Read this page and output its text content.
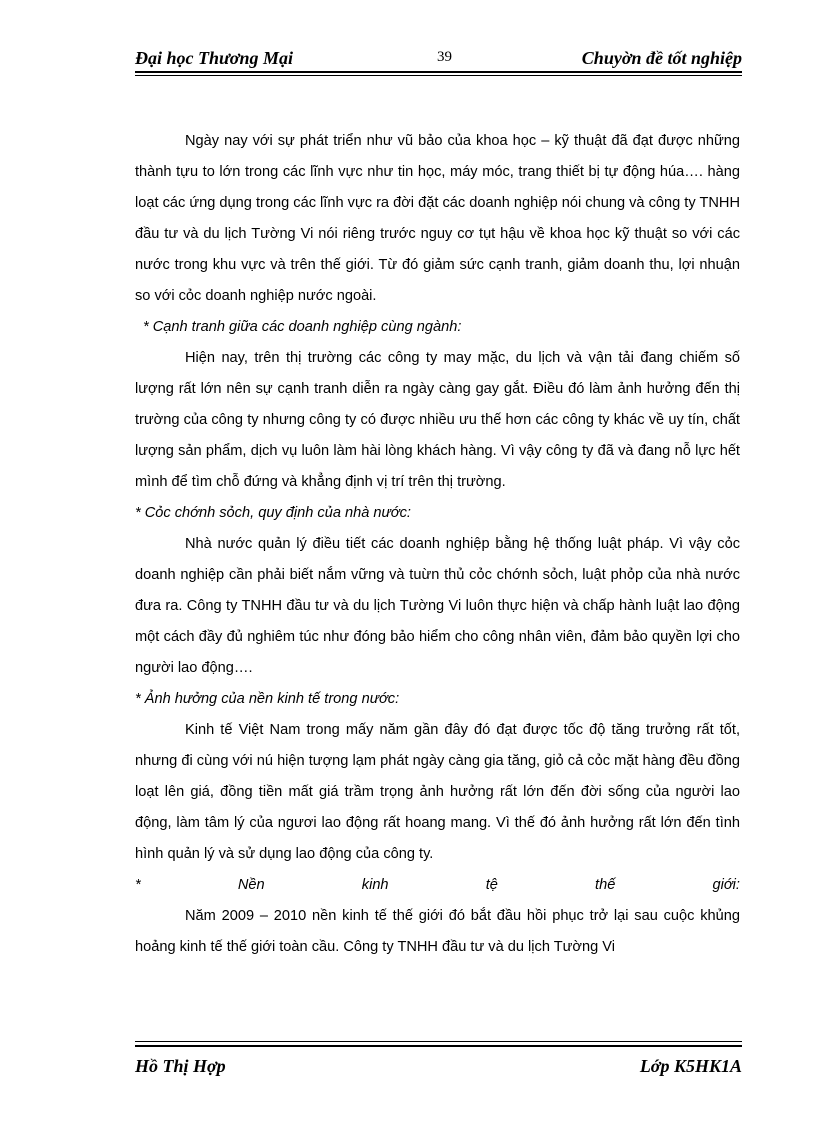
Đại học Thương Mại	39	Chuyờn đề tốt nghiệp

Ngày nay với sự phát triển như vũ bảo của khoa học – kỹ thuật đã đạt được những thành tựu to lớn trong các lĩnh vực như tin học, máy móc, trang thiết bị tự động húa…. hàng loạt các ứng dụng trong các lĩnh vực ra đời đặt các doanh nghiệp nói chung và công ty TNHH đầu tư và du lịch Tường Vi nói riêng trước nguy cơ tụt hậu về khoa học kỹ thuật so với các nước trong khu vực và trên thế giới. Từ đó giảm sức cạnh tranh, giảm doanh thu, lợi nhuận so với cỏc doanh nghiệp nước ngoài.

* Cạnh tranh giữa các doanh nghiệp cùng ngành:

Hiện nay, trên thị trường các công ty may mặc, du lịch và vận tải đang chiếm số lượng rất lớn nên sự cạnh tranh diễn ra ngày càng gay gắt. Điều đó làm ảnh hưởng đến thị trường của công ty nhưng công ty có được nhiều ưu thế hơn các công ty khác về uy tín, chất lượng sản phẩm, dịch vụ luôn làm hài lòng khách hàng. Vì vậy công ty đã và đang nỗ lực hết mình để tìm chỗ đứng và khẳng định vị trí trên thị trường.

* Cỏc chớnh sỏch, quy định của nhà nước:

Nhà nước quản lý điều tiết các doanh nghiệp bằng hệ thống luật pháp. Vì vậy cỏc doanh nghiệp cần phải biết nắm vững và tuừn thủ cỏc chớnh sỏch, luật phỏp của nhà nước đưa ra. Công ty TNHH đầu tư và du lịch Tường Vi luôn thực hiện và chấp hành luật lao động một cách đầy đủ nghiêm túc như đóng bảo hiểm cho công nhân viên, đảm bảo quyền lợi cho người lao động….

* Ảnh hưởng của nền kinh tế trong nước:

Kinh tế Việt Nam trong mấy năm gần đây đó đạt được tốc độ tăng trưởng rất tốt, nhưng đi cùng với nú hiện tượng lạm phát ngày càng gia tăng, giỏ cả cỏc mặt hàng đều đồng loạt lên giá, đồng tiền mất giá trầm trọng ảnh hưởng rất lớn đến đời sống của người lao động, làm tâm lý của ngươi lao động rất hoang mang. Vì thế đó ảnh hưởng rất lớn đến tình hình quản lý và sử dụng lao động của công ty.

*	Nền	kinh	tệ	thế	giới:

Năm 2009 – 2010 nền kinh tế thế giới đó bắt đầu hồi phục trở lại sau cuộc khủng hoảng kinh tế thế giới toàn cầu. Công ty TNHH đầu tư và du lịch Tường Vi

Hồ Thị Hợp	Lớp K5HK1A
